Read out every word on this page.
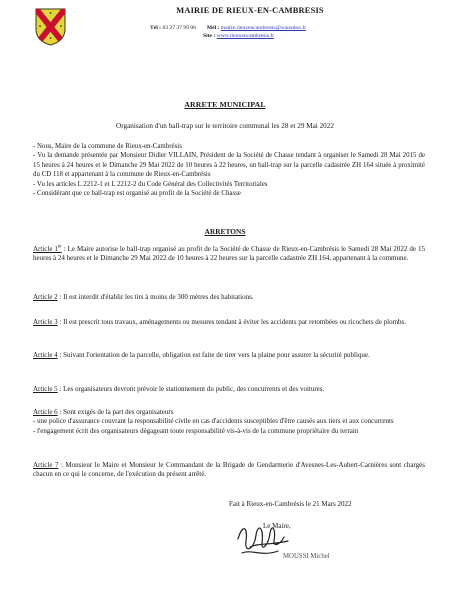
MAIRIE DE RIEUX-EN-CAMBRESIS
Tél : 03 27 37 99 06 Mél : mairie.rieuxencambresis@wanadoo.fr
Site : www.rieuxencambresis.fr
ARRETE MUNICIPAL
Organisation d'un ball-trap sur le territoire communal les 28 et 29 Mai 2022

- Nous, Maire de la commune de Rieux-en-Cambrésis

- Vu la demande présentée par Monsieur Didier VILLAIN, Président de la Société de Chasse tendant à organiser le Samedi 28 Mai 2015 de 15 heures à 24 heures et le Dimanche 29 Mai 2022 de 10 heures à 22 heures, un ball-trap sur la parcelle cadastrée ZH 164 située à proximité du CD 118 et appartenant à la commune de Rieux-en-Cambrésis

- Vu les articles L 2212-1 et L 2212-2 du Code Général des Collectivités Territoriales

- Considérant que ce ball-trap est organisé au profit de la Société de Chasse

ARRETONS

Article 1er : Le Maire autorise le ball-trap organisé au profit de la Société de Chasse de Rieux-en-Cambrésis le Samedi 28 Mai 2022 de 15 heures à 24 heures et le Dimanche 29 Mai 2022 de 10 heures à 22 heures sur la parcelle cadastrée ZH 164, appartenant à la commune.

Article 2 : Il est interdit d'établir les tirs à moins de 300 mètres des habitations.

Article 3 : Il est prescrit tous travaux, aménagements ou mesures tendant à éviter les accidents par retombées ou ricochets de plombs.

Article 4 : Suivant l'orientation de la parcelle, obligation est faite de tirer vers la plaine pour assurer la sécurité publique.

Article 5 : Les organisateurs devront prévoir le stationnement du public, des concurrents et des voitures.

Article 6 : Sont exigés de la part des organisateurs
- une police d'assurance couvrant la responsabilité civile en cas d'accidents susceptibles d'être causés aux tiers et aux concurrents
- l'engagement écrit des organisateurs dégageant toute responsabilité vis-à-vis de la commune propriétaire du terrain

Article 7 : Monsieur le Maire et Monsieur le Commandant de la Brigade de Gendarmerie d'Avesnes-Les-Aubert-Carnières sont chargés chacun en ce qui le concerne, de l'exécution du présent arrêté.

Fait à Rieux-en-Cambrésis le 21 Mars 2022
Le Maire,
MOUSSI Michel
